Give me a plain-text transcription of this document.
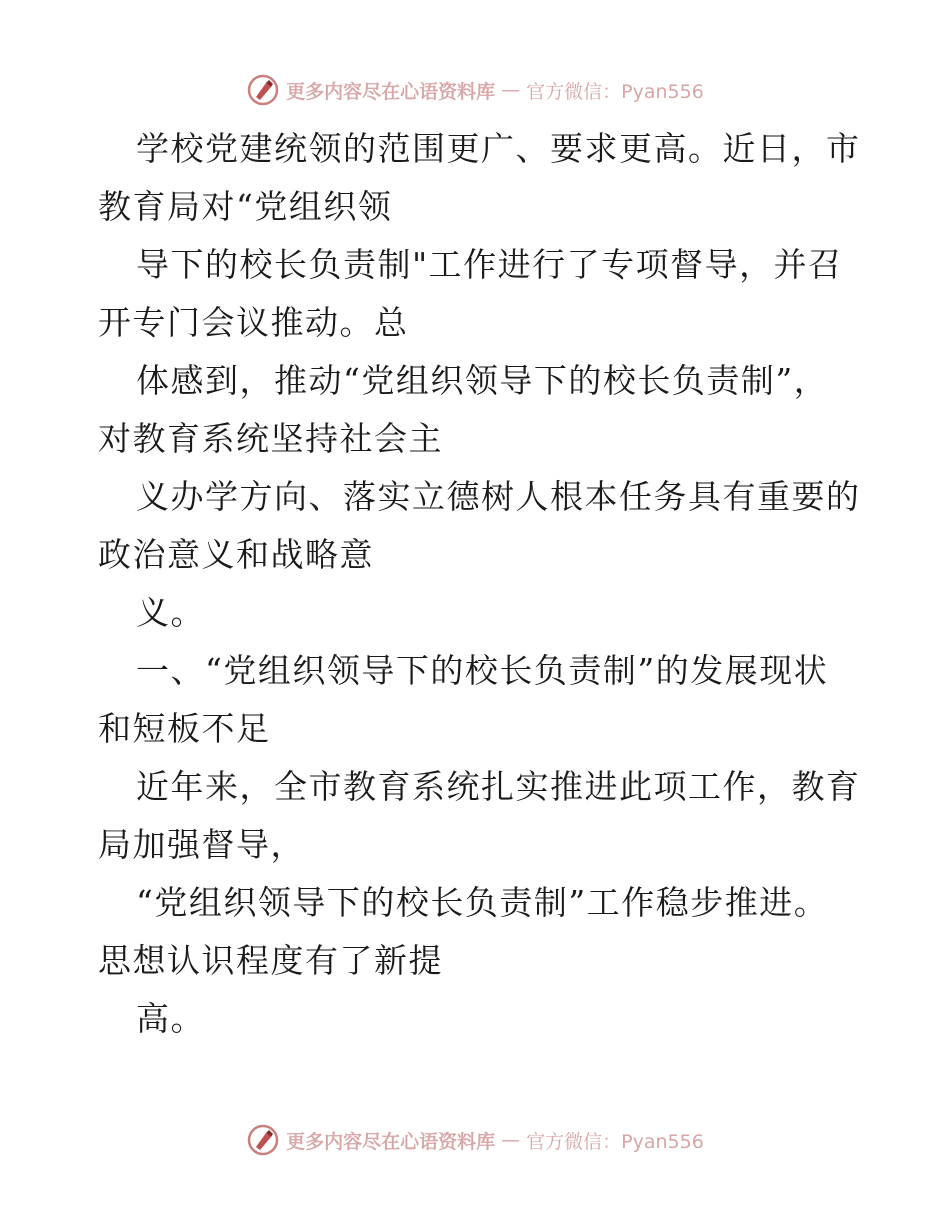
更多内容尽在心语资料库 — 官方微信：Pyan556
学校党建统领的范围更广、要求更高。近日，市
教育局对“党组织领
导下的校长负责制"工作进行了专项督导，并召
开专门会议推动。总
体感到，推动“党组织领导下的校长负责制”，
对教育系统坚持社会主
义办学方向、落实立德树人根本任务具有重要的
政治意义和战略意
义。
一、“党组织领导下的校长负责制”的发展现状
和短板不足
近年来，全市教育系统扎实推进此项工作，教育
局加强督导，
“党组织领导下的校长负责制”工作稳步推进。
思想认识程度有了新提
高。
更多内容尽在心语资料库 — 官方微信：Pyan556
